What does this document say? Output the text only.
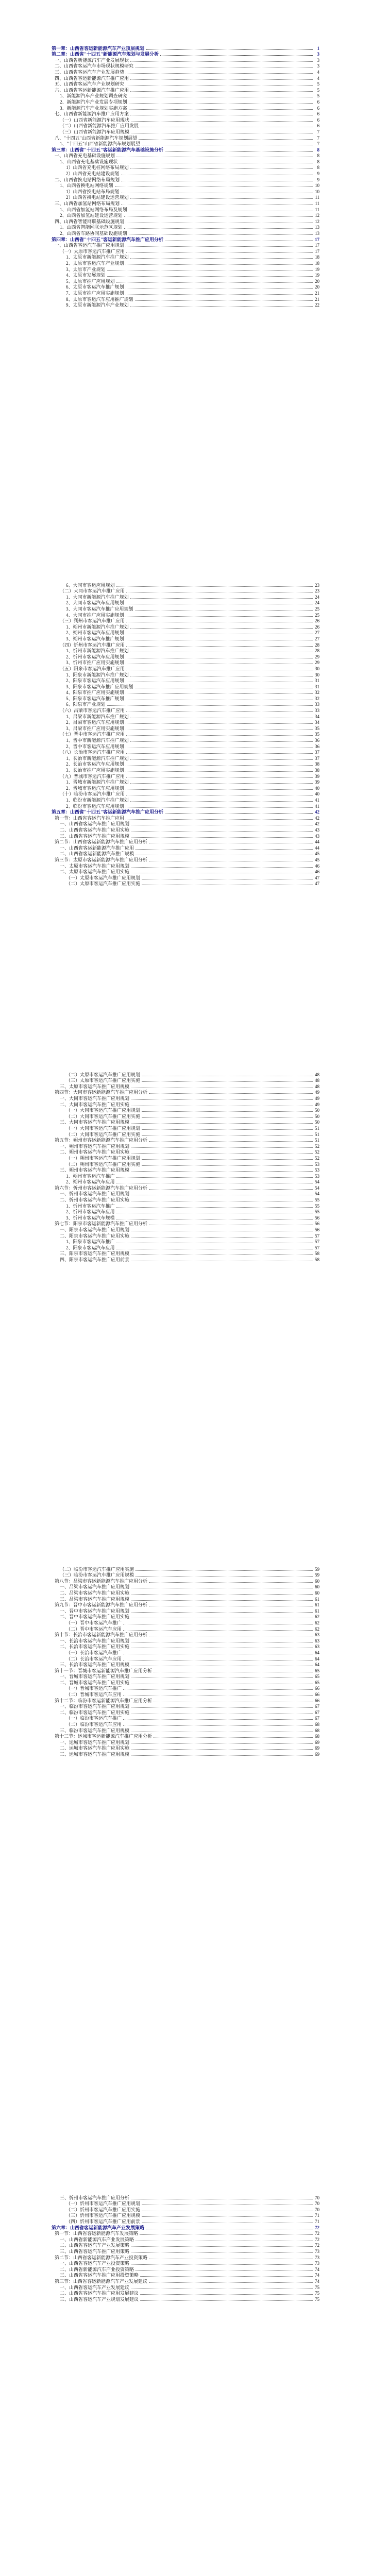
第一章：山西省客运新能源汽车产业顶层规划	1
第二章：山西省"十四五"新能源汽车规划与发展分析	3
一、山西省新能源汽车产业发展现状	3
二、山西省客运汽车市场现状规模研究	3
三、山西省客运汽车产业发展趋势	4
四、山西省客运新能源汽车推广应用	4
五、山西省客运汽车产业规划研究	5
六、山西省客运新能源汽车推广应用	5
1、新能源汽车产业规划调查研究	5
2、新能源汽车产业发展专项规划	6
3、新能源汽车产业规划实施方案	6
七、山西省新能源汽车推广应用方案	6
（一）山西省新能源汽车应用现状	6
（二）山西省新能源汽车推广应用发展	6
（三）山西省新能源汽车应用规模	7
八、"十四五"山西省新能源汽车规划展望	7
1、"十四五"山西省新能源汽车规划展望	7
第三章：山西省"十四五"客运新能源汽车基础设施分析	8
一、山西省充电基础设施规划	8
1、山西省充电基础设施现状	8
1）山西省充电桩网络布局规划	8
2）山西省充电站建设规划	9
二、山西省换电站网络布局规划	9
1、山西省换电站网络规划	10
1）山西省换电站布局规划	10
2）山西省换电站建设运营规划	11
三、山西省加氢站网络布局规划	11
1、山西省加氢站网络布局及规划	11
2、山西省加氢站建设运营规划	12
四、山西省智能网联基础设施规划	12
1、山西省智能网联示范区规划	13
2、山西省车路协同基础设施规划	13
第四章：山西省"十四五"客运新能源汽车推广应用分析	17
一、山西省客运汽车推广应用规划	17
（一）太原市客运汽车推广应用	17
1、太原市新能源汽车推广规划	18
2、太原市客运汽车产业规划	18
3、太原市产业规划	19
4、太原市发展规划	19
5、太原市推广应用规划	20
6、太原市客运汽车推广规划	20
7、太原市推广应用实施规划	21
8、太原市客运汽车应用推广规划	21
9、太原市新能源汽车产业规划	22
6、大同市客运应用规划	23
（二）大同市客运汽车推广应用	23
1、大同市新能源汽车推广规划	24
2、大同市客运汽车应用规划	24
3、大同市客运汽车推广应用规划	25
4、大同市推广应用实施规划	25
（三）朔州市客运汽车推广应用	26
1、朔州市新能源汽车推广规划	26
2、朔州市客运汽车应用规划	27
3、朔州市客运汽车推广规划	27
（四）忻州市客运汽车推广应用	28
1、忻州市新能源汽车推广规划	28
2、忻州市客运汽车应用规划	29
3、忻州市推广应用实施规划	29
（五）阳泉市客运汽车推广应用	30
1、阳泉市新能源汽车推广规划	30
2、阳泉市客运汽车应用规划	31
3、阳泉市客运汽车推广应用规划	31
4、阳泉市推广应用实施规划	32
5、阳泉市客运汽车推广规划	32
6、阳泉市产业规划	33
（六）吕梁市客运汽车推广应用	33
1、吕梁市新能源汽车推广规划	34
2、吕梁市客运汽车应用规划	34
3、吕梁市推广应用实施规划	35
（七）晋中市客运汽车推广应用	35
1、晋中市新能源汽车推广规划	36
2、晋中市客运汽车应用规划	36
（八）长治市客运汽车推广应用	37
1、长治市新能源汽车推广规划	37
2、长治市客运汽车应用规划	38
3、长治市推广应用实施规划	38
（九）晋城市客运汽车推广应用	39
1、晋城市新能源汽车推广规划	39
2、晋城市客运汽车应用规划	40
（十）临汾市客运汽车推广应用	40
1、临汾市新能源汽车推广规划	41
2、临汾市客运汽车应用规划	41
第五章：山西省"十四五"客运新能源汽车推广应用分析	42
第一节：山西省客运汽车推广应用	42
一、山西省客运汽车推广应用规划	42
二、山西省客运汽车推广应用实施	43
三、山西省客运汽车推广应用规模	43
第二节：山西省客运新能源汽车推广应用分析	44
一、山西省客运新能源汽车推广应用	44
二、山西省客运新能源汽车推广规模	45
第三节：太原市客运新能源汽车推广应用分析	45
一、太原市客运汽车推广应用规划	46
二、太原市客运汽车推广应用实施	46
（一）太原市客运汽车推广应用规划	47
（二）太原市客运汽车推广应用实施	47
（二）太原市客运汽车推广应用规划	48
（三）太原市客运汽车推广应用实施	48
三、太原市客运汽车推广应用规模	48
第四节：大同市客运新能源汽车推广应用分析	49
一、大同市客运汽车推广应用规划	49
二、大同市客运汽车推广应用实施	49
（一）大同市客运汽车推广应用规划	50
（二）大同市客运汽车推广应用实施	50
三、大同市客运汽车推广应用规模	50
（一）大同市客运汽车推广应用规划	51
（二）大同市客运汽车推广应用实施	51
第五节：朔州市客运新能源汽车推广应用分析	51
一、朔州市客运汽车推广应用规划	52
二、朔州市客运汽车推广应用实施	52
（一）朔州市客运汽车推广应用规划	52
（二）朔州市客运汽车推广应用实施	53
三、朔州市客运汽车推广应用规模	53
1、朔州市客运汽车推广	53
2、朔州市客运汽车应用	54
第六节：忻州市客运新能源汽车推广应用分析	54
一、忻州市客运汽车推广应用规划	54
二、忻州市客运汽车推广应用实施	55
1、忻州市客运汽车推广	55
2、忻州市客运汽车应用	55
3、忻州市客运汽车规模	56
第七节：阳泉市客运新能源汽车推广应用分析	56
一、阳泉市客运汽车推广应用规划	56
二、阳泉市客运汽车推广应用实施	57
1、阳泉市客运汽车推广	57
2、阳泉市客运汽车应用	57
三、阳泉市客运汽车推广应用规模	58
四、阳泉市客运汽车推广应用前景	58
（二）临汾市客运汽车推广应用实施	59
（三）临汾市客运汽车推广应用规模	59
第八节：吕梁市客运新能源汽车推广应用分析	60
一、吕梁市客运汽车推广应用规划	60
二、吕梁市客运汽车推广应用实施	60
三、吕梁市客运汽车推广应用规模	61
第九节：晋中市客运新能源汽车推广应用分析	61
一、晋中市客运汽车推广应用规划	61
二、晋中市客运汽车推广应用实施	62
（一）晋中市客运汽车推广	62
（二）晋中市客运汽车应用	62
第十节：长治市客运新能源汽车推广应用分析	63
一、长治市客运汽车推广应用规划	63
二、长治市客运汽车推广应用实施	63
（一）长治市客运汽车推广	64
（二）长治市客运汽车应用	64
三、长治市客运汽车推广应用规模	64
第十一节：晋城市客运新能源汽车推广应用分析	65
一、晋城市客运汽车推广应用规划	65
二、晋城市客运汽车推广应用实施	65
（一）晋城市客运汽车推广	66
（二）晋城市客运汽车应用	66
第十二节：临汾市客运新能源汽车推广应用分析	66
一、临汾市客运汽车推广应用规划	67
二、临汾市客运汽车推广应用实施	67
（一）临汾市客运汽车推广	67
（二）临汾市客运汽车应用	68
三、临汾市客运汽车推广应用规模	68
第十三节：运城市客运新能源汽车推广应用分析	68
一、运城市客运汽车推广应用规划	69
二、运城市客运汽车推广应用实施	69
三、运城市客运汽车推广应用规模	69
三、忻州市客运汽车推广应用分析	70
（一）忻州市客运汽车推广应用规划	70
（二）忻州市客运汽车推广应用实施	70
（三）忻州市客运汽车推广应用规模	71
（四）忻州市客运汽车推广应用前景	71
第六章：山西省客运新能源汽车产业发展策略	72
第一节：山西省客运新能源汽车发展策略	72
一、山西省新能源汽车产业发展策略	72
二、山西省客运汽车产业发展策略	72
三、山西省客运汽车推广应用策略	73
第二节：山西省客运新能源汽车产业投资策略	73
一、山西省客运汽车产业投资策略	73
二、山西省新能源汽车产业投资策略	74
三、山西省客运汽车推广应用投资策略	74
第三节：山西省客运新能源汽车产业发展建议	74
一、山西省客运汽车产业发展建议	75
二、山西省客运汽车推广应用发展建议	75
三、山西省客运汽车产业规划发展建议	75
